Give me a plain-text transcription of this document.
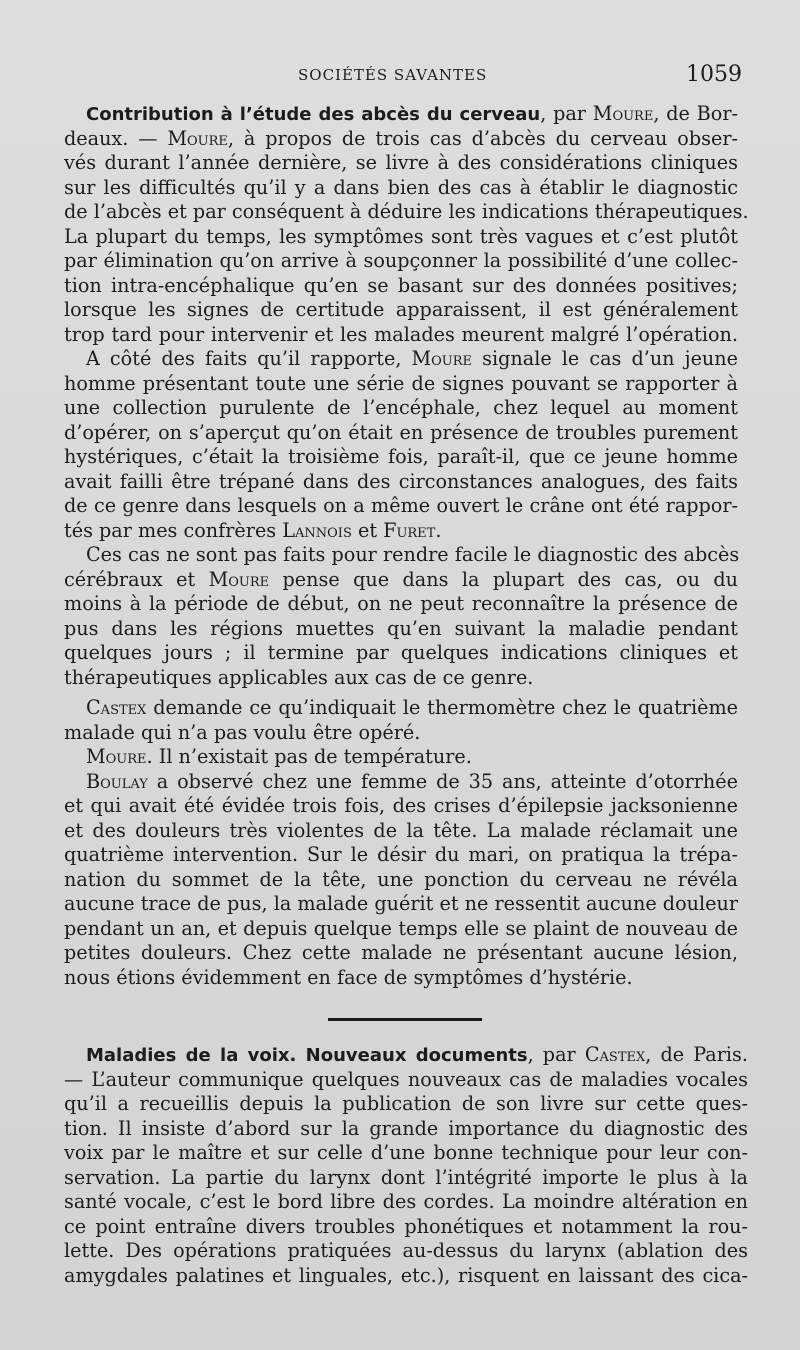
SOCIÉTÉS SAVANTES	1059
Contribution à l’étude des abcès du cerveau, par Moure, de Bor-
deaux. — Moure, à propos de trois cas d’abcès du cerveau obser-
vés durant l’année dernière, se livre à des considérations cliniques
sur les difficultés qu’il y a dans bien des cas à établir le diagnostic
de l’abcès et par conséquent à déduire les indications thérapeutiques.
La plupart du temps, les symptômes sont très vagues et c’est plutôt
par élimination qu’on arrive à soupçonner la possibilité d’une collec-
tion intra-encéphalique qu’en se basant sur des données positives;
lorsque les signes de certitude apparaissent, il est généralement
trop tard pour intervenir et les malades meurent malgré l’opération.
A côté des faits qu’il rapporte, Moure signale le cas d’un jeune
homme présentant toute une série de signes pouvant se rapporter à
une collection purulente de l’encéphale, chez lequel au moment
d’opérer, on s’aperçut qu’on était en présence de troubles purement
hystériques, c’était la troisième fois, paraît-il, que ce jeune homme
avait failli être trépané dans des circonstances analogues, des faits
de ce genre dans lesquels on a même ouvert le crâne ont été rappor-
tés par mes confrères Lannois et Furet.
Ces cas ne sont pas faits pour rendre facile le diagnostic des abcès
cérébraux et Moure pense que dans la plupart des cas, ou du
moins à la période de début, on ne peut reconnaître la présence de
pus dans les régions muettes qu’en suivant la maladie pendant
quelques jours ; il termine par quelques indications cliniques et
thérapeutiques applicables aux cas de ce genre.
Castex demande ce qu’indiquait le thermomètre chez le quatrième
malade qui n’a pas voulu être opéré.
Moure. Il n’existait pas de température.
Boulay a observé chez une femme de 35 ans, atteinte d’otorrhée
et qui avait été évidée trois fois, des crises d’épilepsie jacksonienne
et des douleurs très violentes de la tête. La malade réclamait une
quatrième intervention. Sur le désir du mari, on pratiqua la trépa-
nation du sommet de la tête, une ponction du cerveau ne révéla
aucune trace de pus, la malade guérit et ne ressentit aucune douleur
pendant un an, et depuis quelque temps elle se plaint de nouveau de
petites douleurs. Chez cette malade ne présentant aucune lésion,
nous étions évidemment en face de symptômes d’hystérie.
Maladies de la voix. Nouveaux documents, par Castex, de Paris.
— L’auteur communique quelques nouveaux cas de maladies vocales
qu’il a recueillis depuis la publication de son livre sur cette ques-
tion. Il insiste d’abord sur la grande importance du diagnostic des
voix par le maître et sur celle d’une bonne technique pour leur con-
servation. La partie du larynx dont l’intégrité importe le plus à la
santé vocale, c’est le bord libre des cordes. La moindre altération en
ce point entraîne divers troubles phonétiques et notamment la rou-
lette. Des opérations pratiquées au-dessus du larynx (ablation des
amygdales palatines et linguales, etc.), risquent en laissant des cica-
